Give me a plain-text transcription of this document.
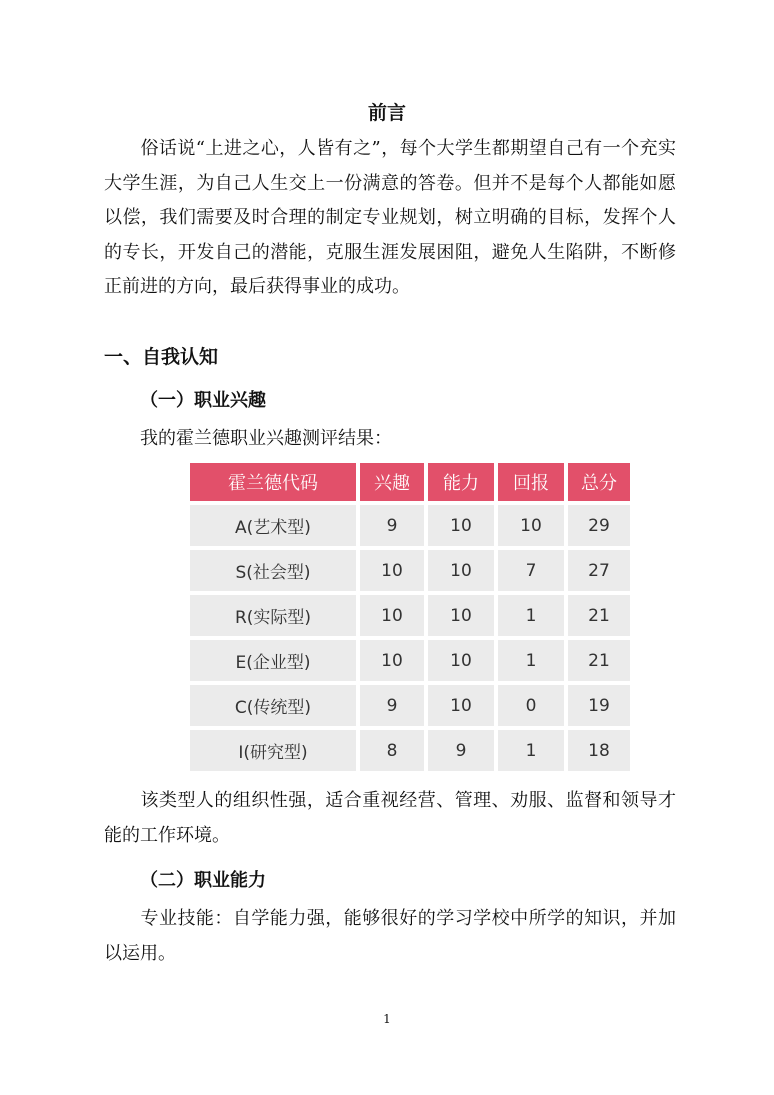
前言

俗话说“上进之心，人皆有之”，每个大学生都期望自己有一个充实大学生涯，为自己人生交上一份满意的答卷。但并不是每个人都能如愿以偿，我们需要及时合理的制定专业规划，树立明确的目标，发挥个人的专长，开发自己的潜能，克服生涯发展困阻，避免人生陷阱，不断修正前进的方向，最后获得事业的成功。

一、自我认知
（一）职业兴趣
我的霍兰德职业兴趣测评结果：
霍兰德代码	兴趣	能力	回报	总分
A(艺术型)	9	10	10	29
S(社会型)	10	10	7	27
R(实际型)	10	10	1	21
E(企业型)	10	10	1	21
C(传统型)	9	10	0	19
I(研究型)	8	9	1	18

该类型人的组织性强，适合重视经营、管理、劝服、监督和领导才能的工作环境。

（二）职业能力

专业技能：自学能力强，能够很好的学习学校中所学的知识，并加以运用。

1
